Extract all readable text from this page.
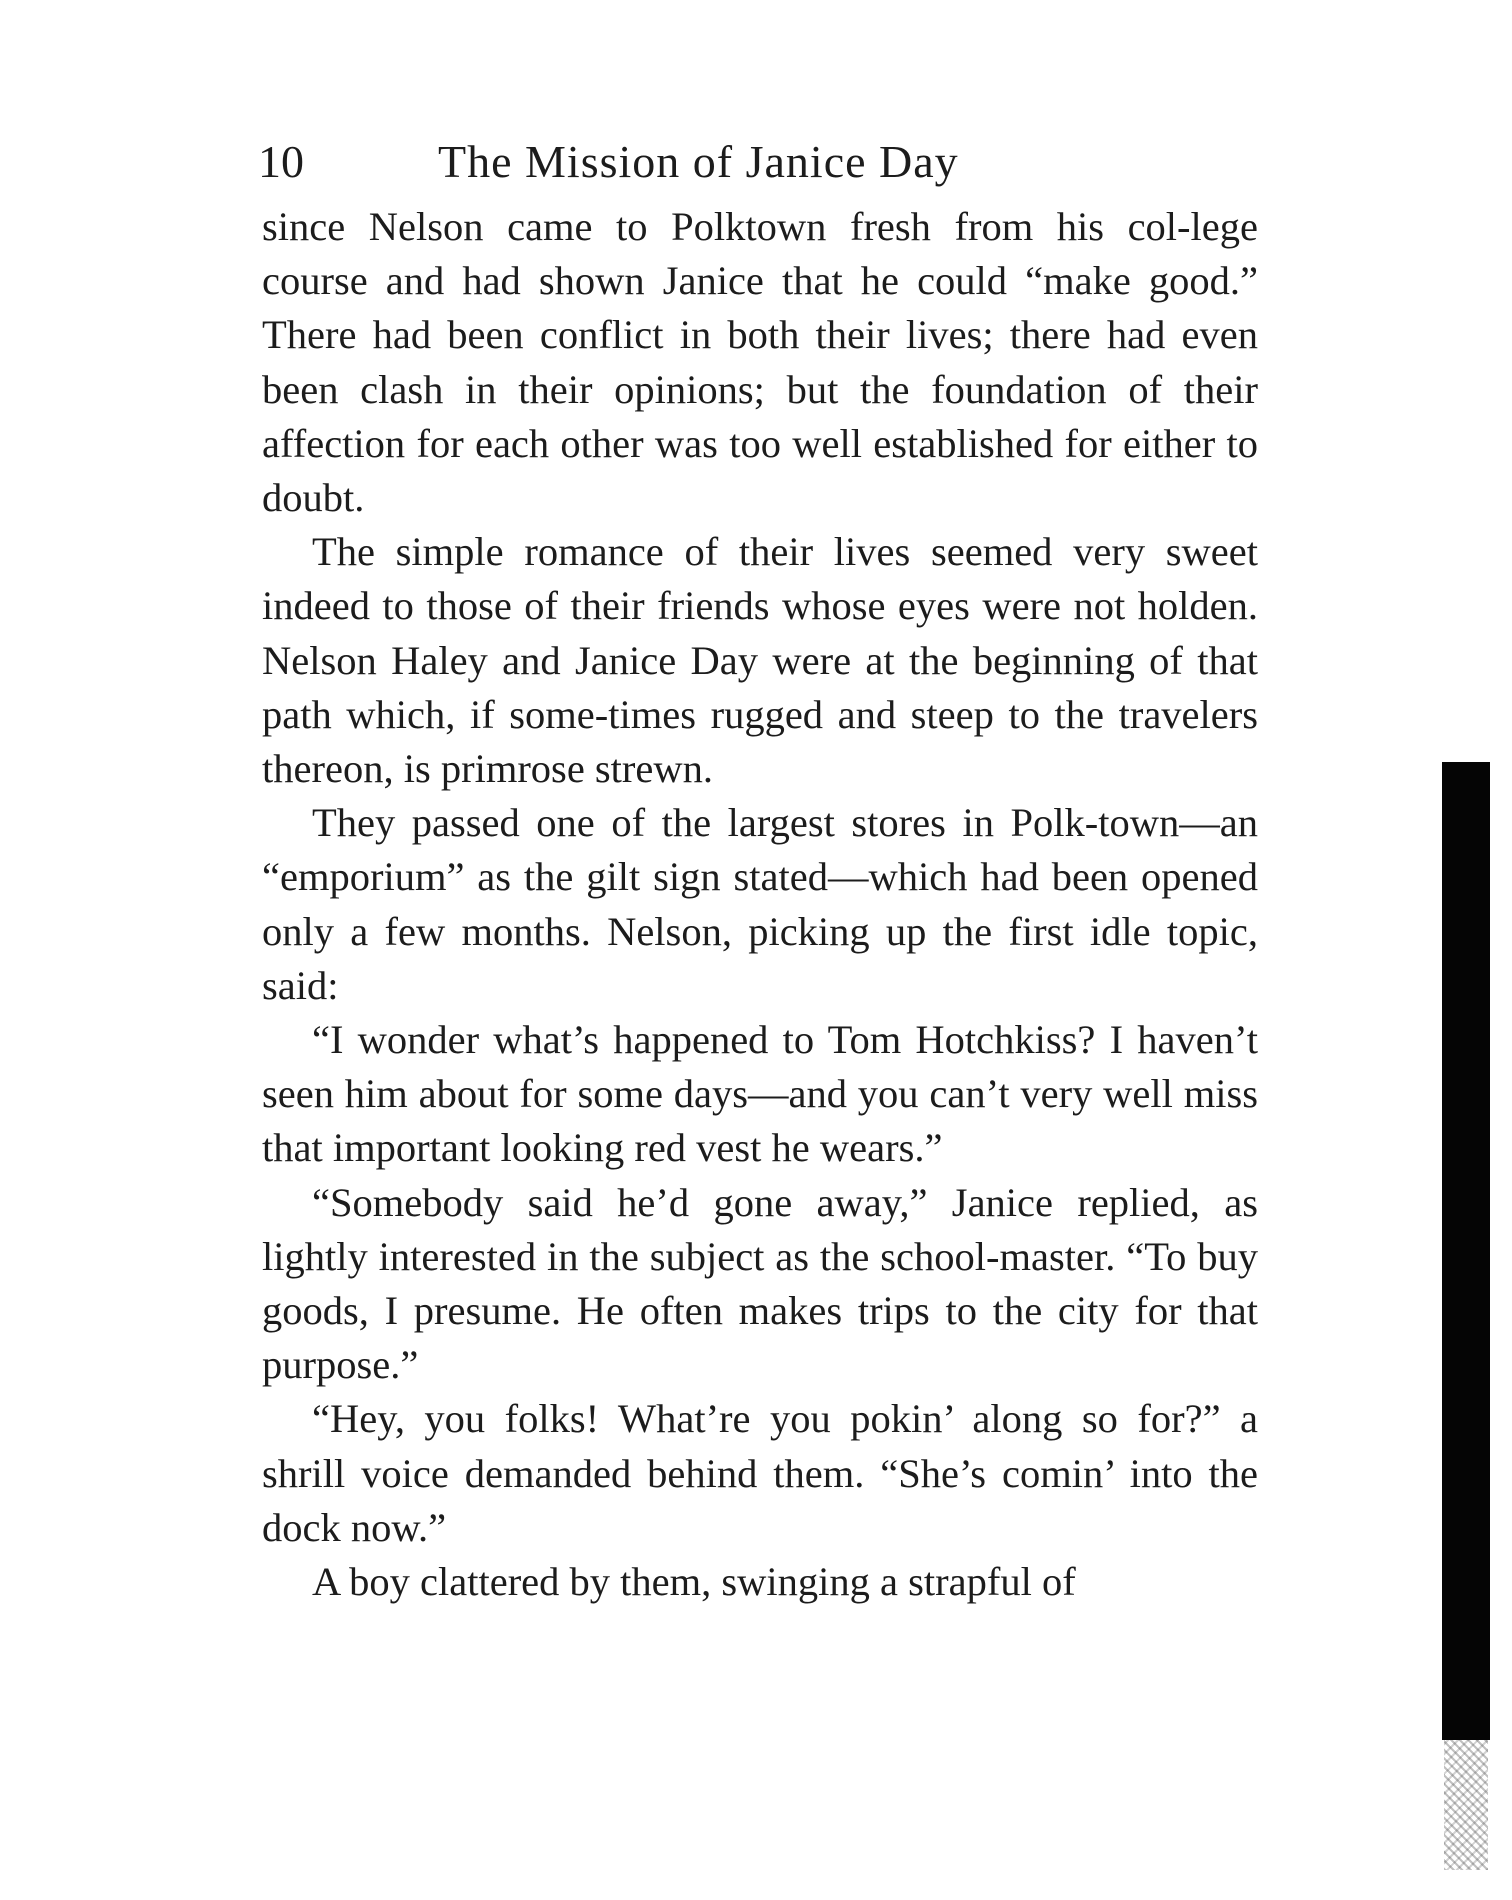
10	The Mission of Janice Day

since Nelson came to Polktown fresh from his col-lege course and had shown Janice that he could “make good.” There had been conflict in both their lives; there had even been clash in their opinions; but the foundation of their affection for each other was too well established for either to doubt.

The simple romance of their lives seemed very sweet indeed to those of their friends whose eyes were not holden. Nelson Haley and Janice Day were at the beginning of that path which, if some-times rugged and steep to the travelers thereon, is primrose strewn.

They passed one of the largest stores in Polk-town—an “emporium” as the gilt sign stated—which had been opened only a few months. Nelson, picking up the first idle topic, said:

“I wonder what’s happened to Tom Hotchkiss? I haven’t seen him about for some days—and you can’t very well miss that important looking red vest he wears.”

“Somebody said he’d gone away,” Janice replied, as lightly interested in the subject as the school-master. “To buy goods, I presume. He often makes trips to the city for that purpose.”

“Hey, you folks! What’re you pokin’ along so for?” a shrill voice demanded behind them. “She’s comin’ into the dock now.”

A boy clattered by them, swinging a strapful of
